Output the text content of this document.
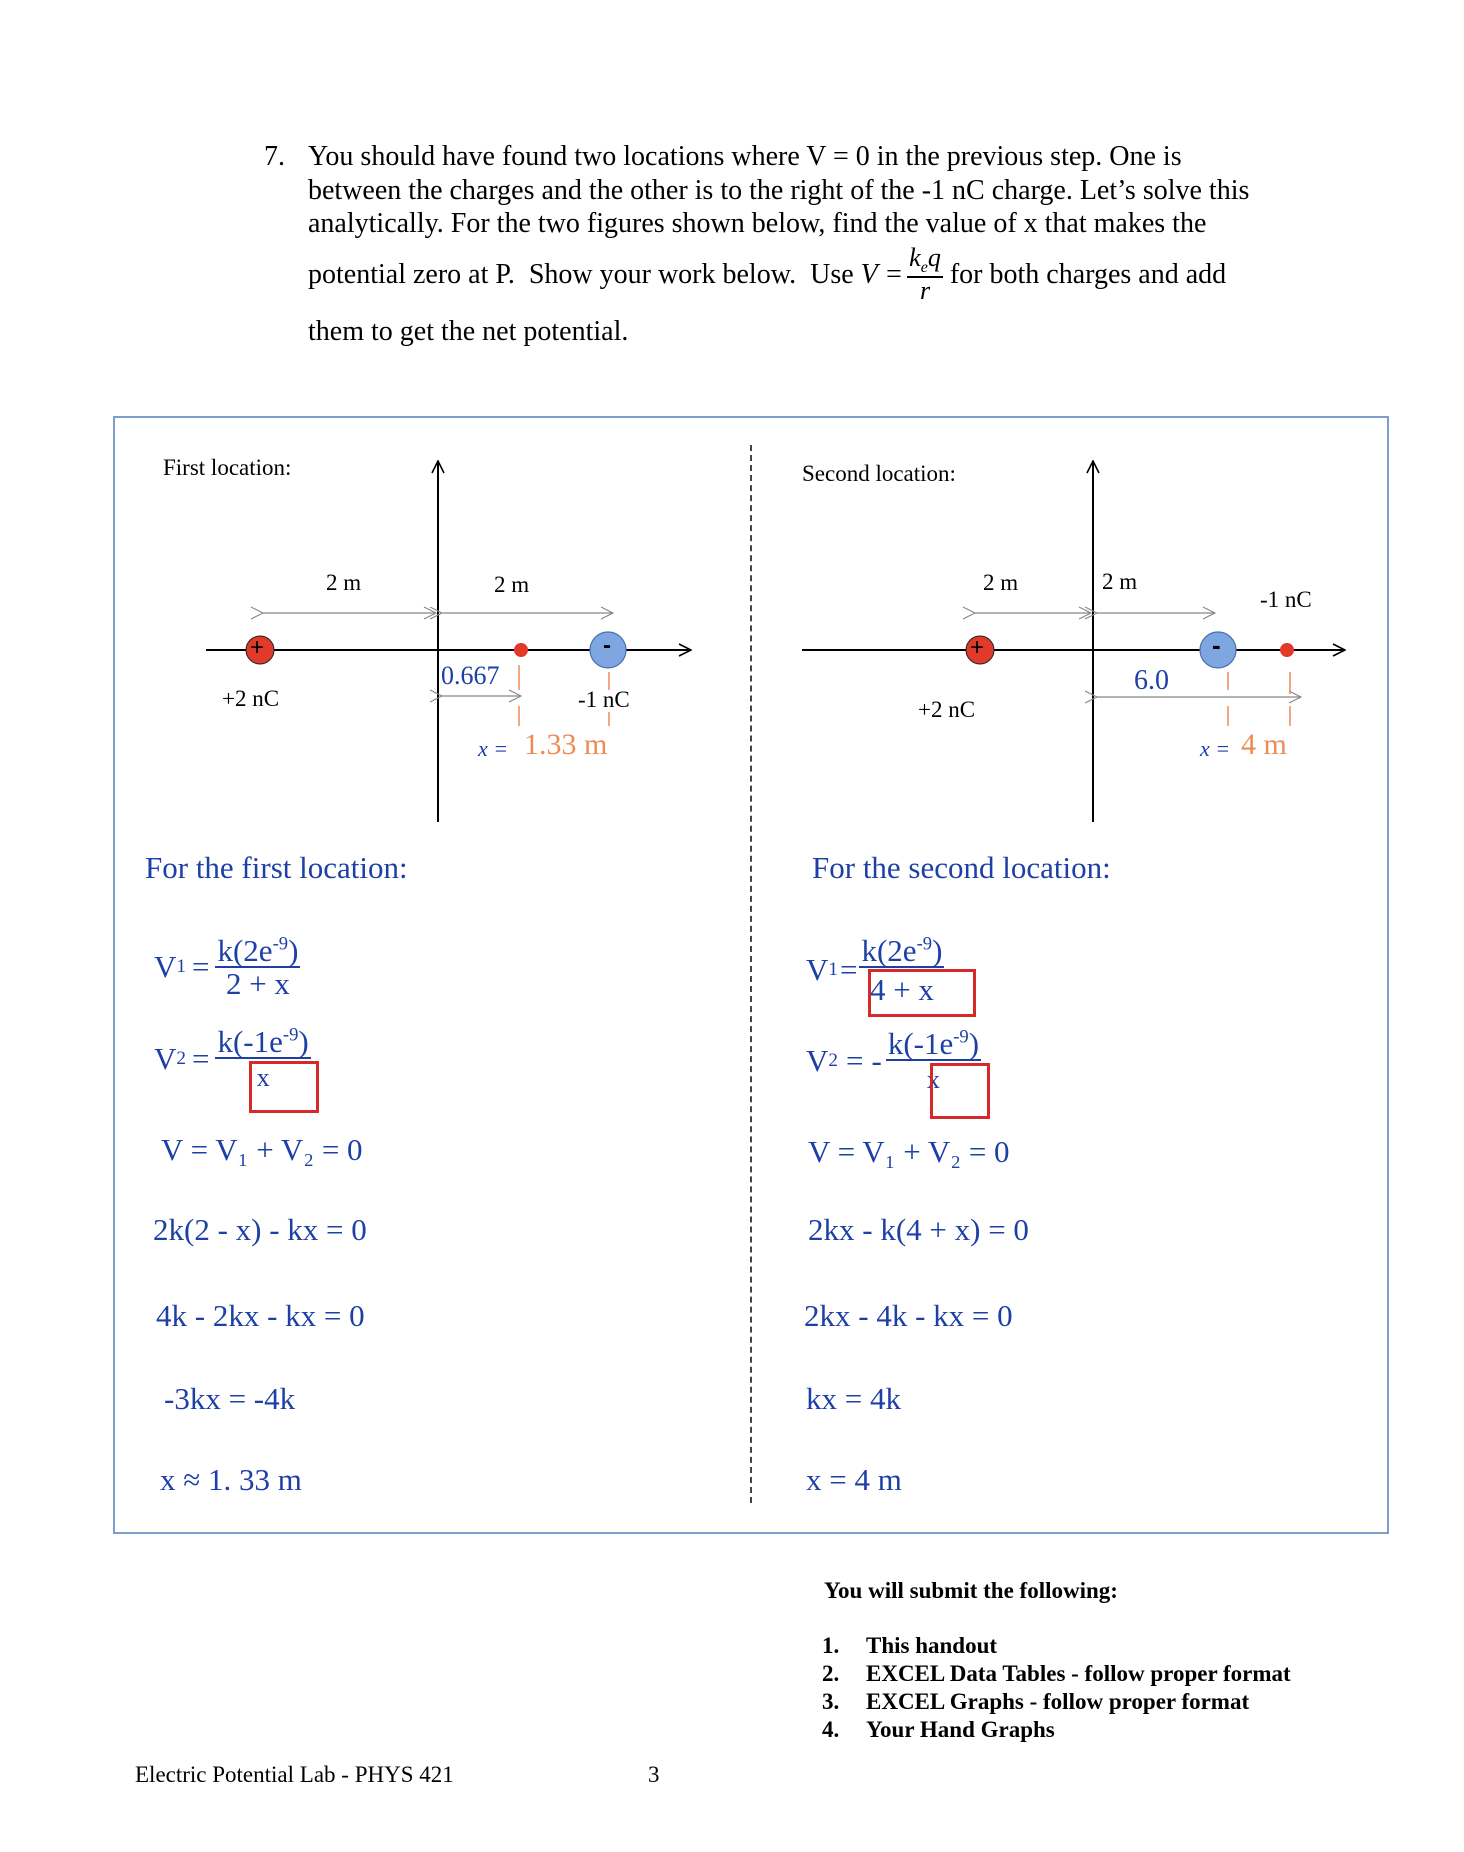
7. You should have found two locations where V = 0 in the previous step. One is
between the charges and the other is to the right of the -1 nC charge. Let’s solve this
analytically. For the two figures shown below, find the value of x that makes the
potential zero at P.  Show your work below.  Use $V = \frac{k_eq}{r}$ for both charges and add
them to get the net potential.
+	-	+	-
First location:
2 m	2 m
+2 nC	-1 nC
0.667
x = 1.33 m
Second location:
2 m	2 m
-1 nC
+2 nC
6.0
x = 4 m
For the first location:
V $1 = \frac{k(2e^{-9})}{2 + x}$
V $2 = \frac{k(-1e^{-9})}{x}$
V = V₁ + V₂ = 0
2k(2 - x) - kx = 0
4k - 2kx - kx = 0
-3kx = -4k
x ≈ 1. 33 m
For the second location:
V $1 = \frac{k(2e^{-9})}{4 + x}$
V 2 = - $\frac{k(-1e^{-9})}{x}$
V = V₁ + V₂ = 0
2kx - k(4 + x) = 0
2kx - 4k - kx = 0
kx = 4k
x = 4 m
You will submit the following:
1. This handout
2. EXCEL Data Tables - follow proper format
3. EXCEL Graphs - follow proper format
4. Your Hand Graphs
Electric Potential Lab - PHYS 421	3
